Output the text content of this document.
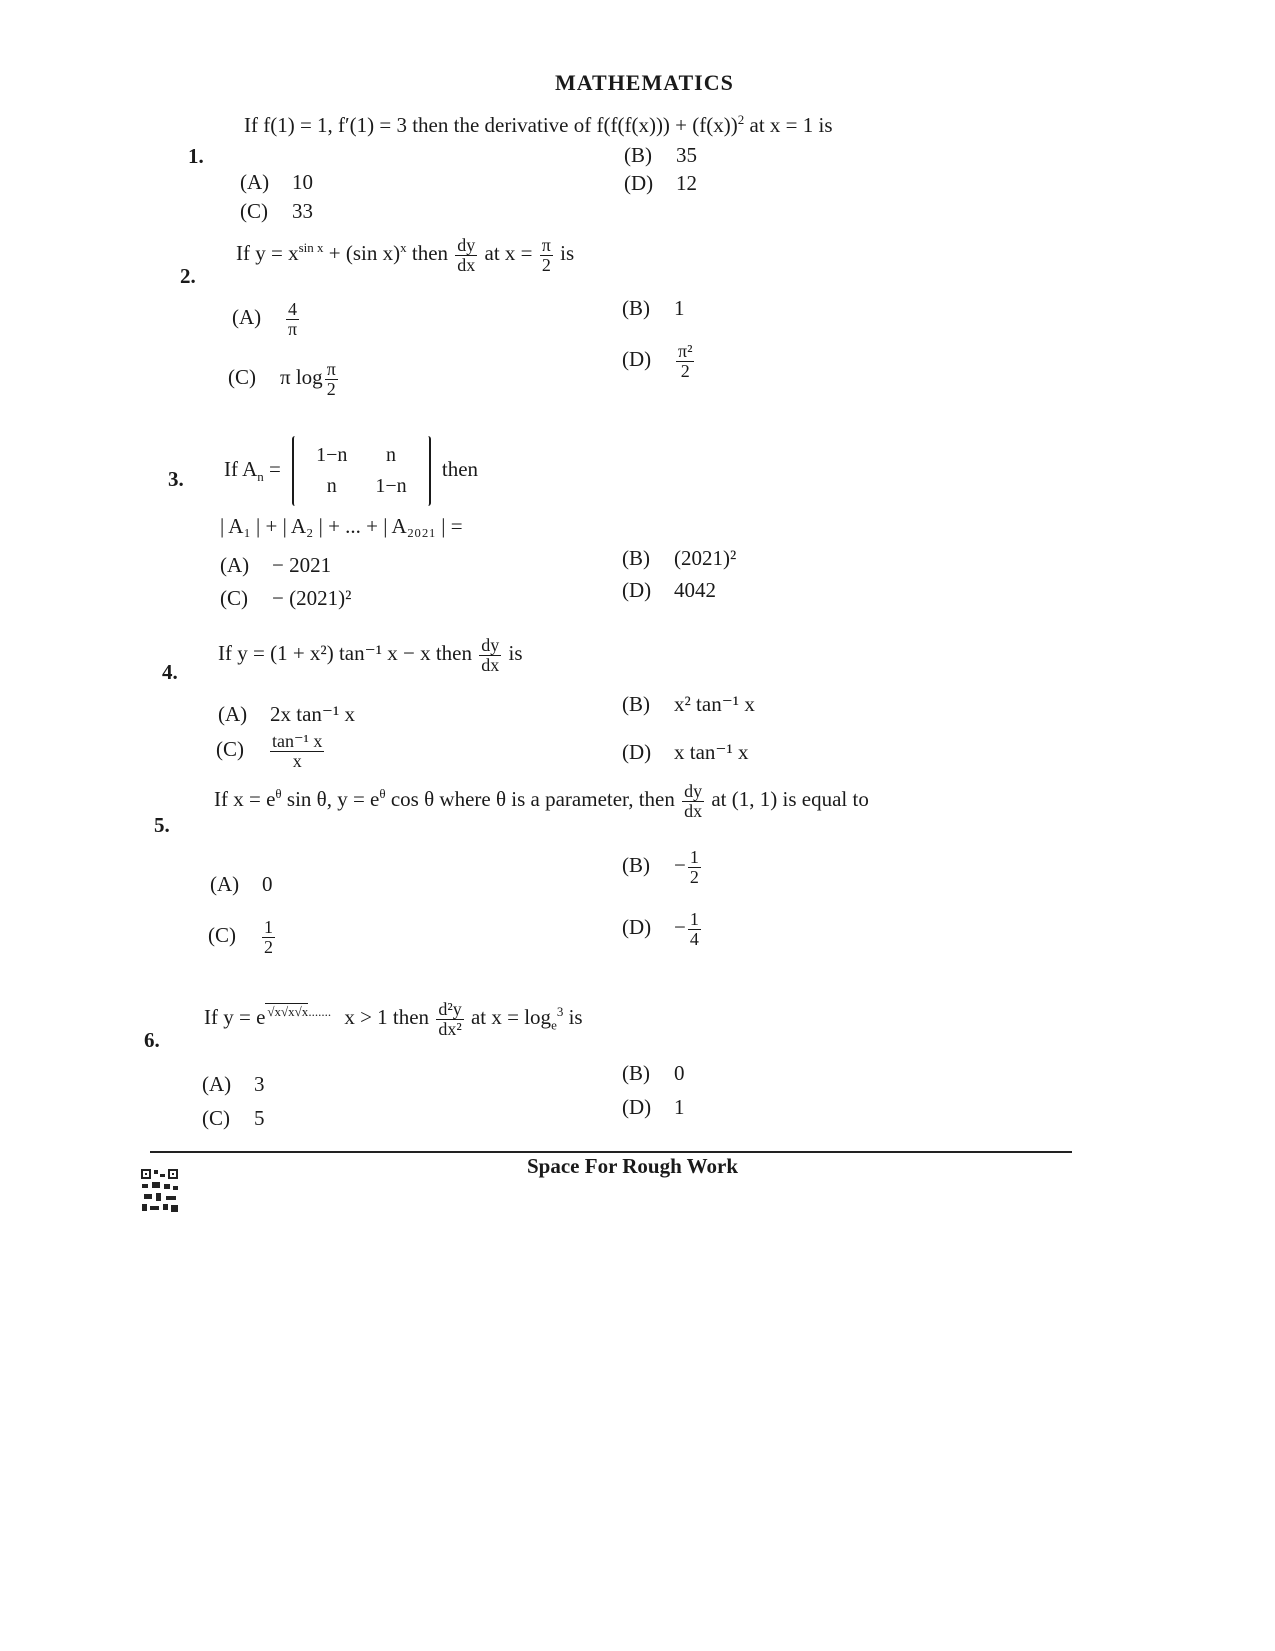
MATHEMATICS
1.
If f(1) = 1, f′(1) = 3 then the derivative of $f(f(f(x))) + (f(x))^2$ at x = 1 is
(A) 10
(B) 35
(C) 33
(D) 12
2.
If $y = x^{sin x} + (\sin$ x)$^x$ then $\frac{dy}{dx}$ at $x = \frac{\pi}{2}$ is
$(A) \frac{4}{\pi}$	(B) 1
(C) π $\log \frac{\pi}{2}$
$(D) \frac{\text{π²}}{2}$
3. If $A_n$ =
1−n	n
n	1−n
then
| A₁ | + | A₂ | + ... + | A₂₀₂₁ | =
(A) − 2021	(B) (2021)²
(C) − (2021)²	(D) 4042
4.
If y = (1 + x²) tan⁻¹ x − x then $\frac{dy}{dx}$ is
(A) 2x tan⁻¹ x	(B) x² tan⁻¹ x
$(C) \frac{\text{tan⁻¹ x}}{x}$	(D) x tan⁻¹ x
5.
If $x = e^\theta$ sin θ, $y = e^\theta$ cos θ where θ is a parameter, then $\frac{dy}{dx}$ at (1, 1) is equal to
(A) 0
$(B) - \frac{1}{2}$
$(C) \frac{1}{2}$	$(D) - \frac{1}{4}$
6.
If y = e $^{√x√x√x.......}$ x > 1 then $\frac{\text{d²y}}{\text{dx²}}$ at $x = \log_e^3$ is
(A) 3	(B) 0
(C) 5	(D) 1
Space For Rough Work
